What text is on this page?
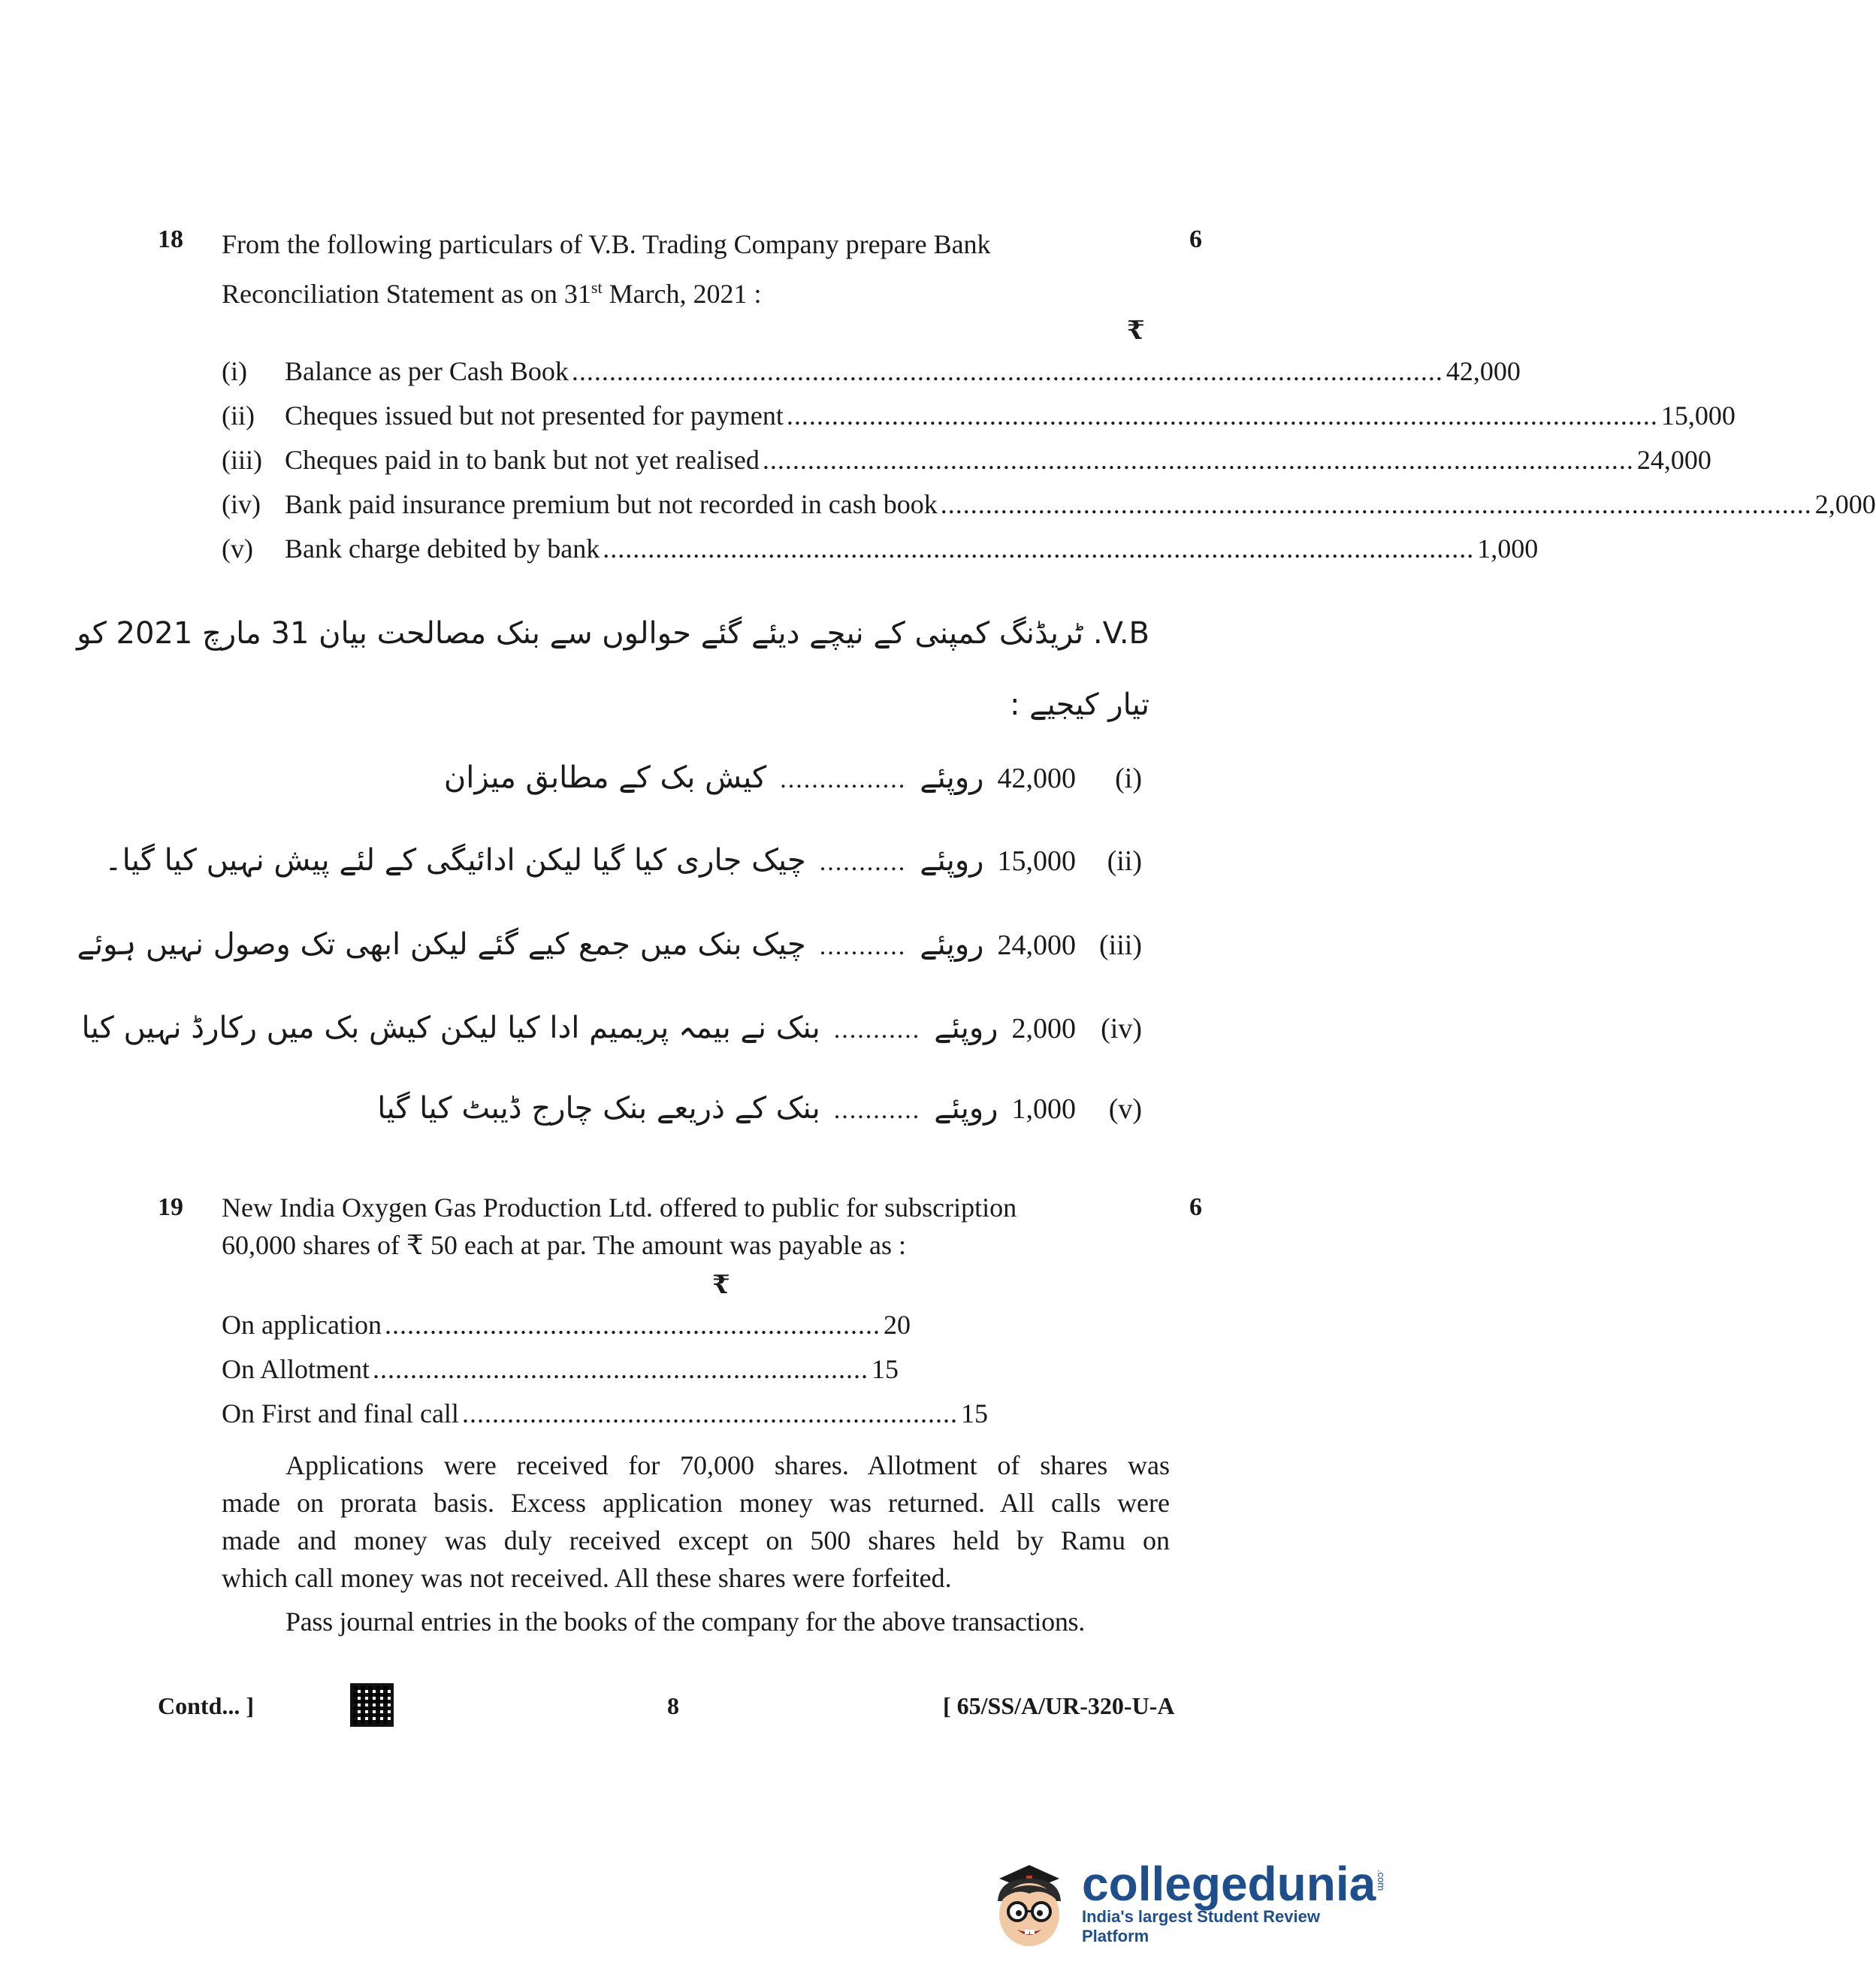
18	6
From the following particulars of V.B. Trading Company prepare Bank
Reconciliation Statement as on 31st March, 2021 :
₹
(i)	Balance as per Cash Book .................................................................................................................... 42,000
(ii)	Cheques issued but not presented for payment .................................................................................................................... 15,000
(iii) Cheques paid in to bank but not yet realised .................................................................................................................... 24,000
(iv) Bank paid insurance premium but not recorded in cash book .................................................................................................................... 2,000
(v)	Bank charge debited by bank .................................................................................................................... 1,000
V.B. ٹریڈنگ کمپنی کے نیچے دیئے گئے حوالوں سے بنک مصالحت بیان 31 مارچ 2021 کو
تیار کیجیے :
کیش بک کے مطابق میزان ................ روپئے 42,000	(i)
چیک جاری کیا گیا لیکن ادائیگی کے لئے پیش نہیں کیا گیا۔ ........... روپئے 15,000	(ii)
چیک بنک میں جمع کیے گئے لیکن ابھی تک وصول نہیں ہوئے ........... روپئے 24,000 (iii)
بنک نے بیمہ پریمیم ادا کیا لیکن کیش بک میں رکارڈ نہیں کیا ........... روپئے 2,000 (iv)
بنک کے ذریعے بنک چارج ڈیبٹ کیا گیا ........... روپئے 1,000	(v)
19	6
New India Oxygen Gas Production Ltd. offered to public for subscription
60,000 shares of ₹ 50 each at par. The amount was payable as :
₹
On application .................................................................. 20
On Allotment .................................................................. 15
On First and final call .................................................................. 15
Applications were received for 70,000 shares. Allotment of shares was
made on prorata basis. Excess application money was returned. All calls were
made and money was duly received except on 500 shares held by Ramu on
which call money was not received. All these shares were forfeited.
Pass journal entries in the books of the company for the above transactions.
Contd... ]	8	[ 65/SS/A/UR-320-U-A
collegedunia .com
India's largest Student Review Platform
